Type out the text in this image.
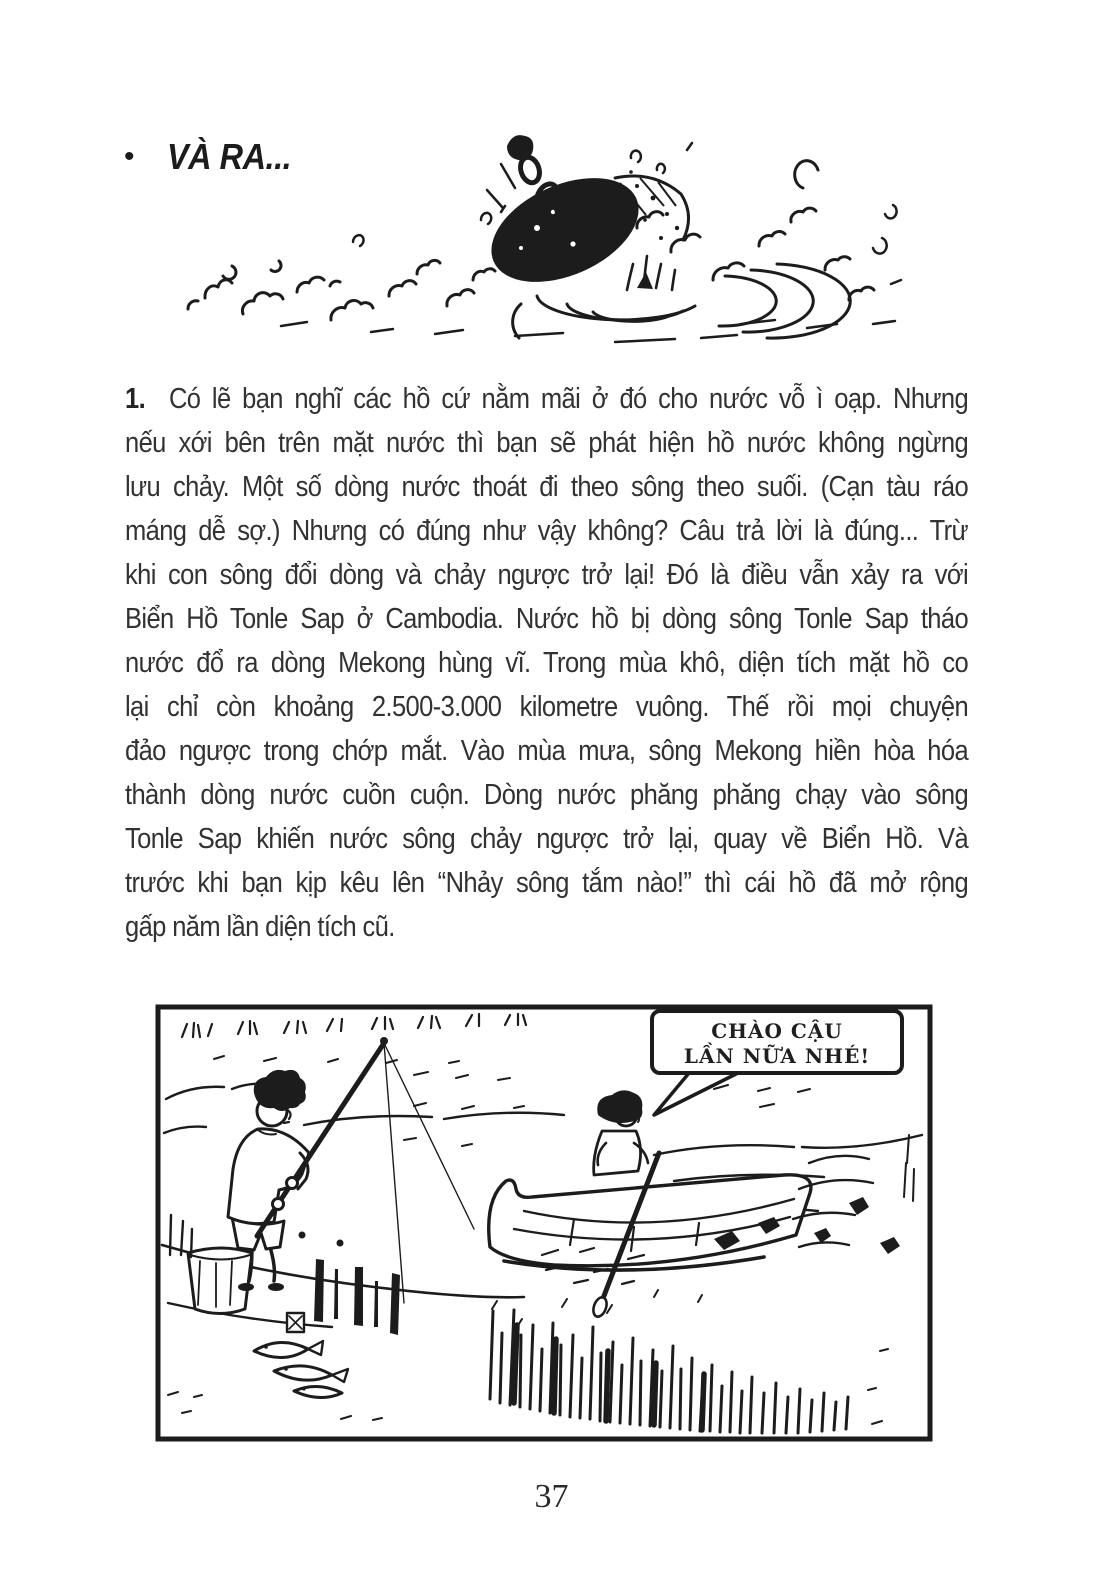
• VÀ RA...
1. Có lẽ bạn nghĩ các hồ cứ nằm mãi ở đó cho nước vỗ ì oạp. Nhưng
nếu xới bên trên mặt nước thì bạn sẽ phát hiện hồ nước không ngừng
lưu chảy. Một số dòng nước thoát đi theo sông theo suối. (Cạn tàu ráo
máng dễ sợ.) Nhưng có đúng như vậy không? Câu trả lời là đúng... Trừ
khi con sông đổi dòng và chảy ngược trở lại! Đó là điều vẫn xảy ra với
Biển Hồ Tonle Sap ở Cambodia. Nước hồ bị dòng sông Tonle Sap tháo
nước đổ ra dòng Mekong hùng vĩ. Trong mùa khô, diện tích mặt hồ co
lại chỉ còn khoảng 2.500-3.000 kilometre vuông. Thế rồi mọi chuyện
đảo ngược trong chớp mắt. Vào mùa mưa, sông Mekong hiền hòa hóa
thành dòng nước cuồn cuộn. Dòng nước phăng phăng chạy vào sông
Tonle Sap khiến nước sông chảy ngược trở lại, quay về Biển Hồ. Và
trước khi bạn kịp kêu lên “Nhảy sông tắm nào!” thì cái hồ đã mở rộng
gấp năm lần diện tích cũ.
CHÀO CẬU
LẦN NỮA NHÉ!
37
